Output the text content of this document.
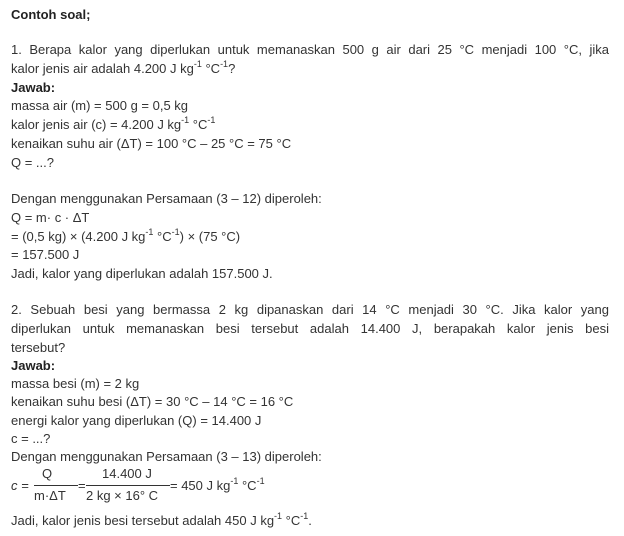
Contoh soal;
1. Berapa kalor yang diperlukan untuk memanaskan 500 g air dari 25 °C menjadi 100 °C, jika
kalor jenis air adalah 4.200 J $kg^{-1}$ $^\circ C^{-1}$?
Jawab:
massa air (m) = 500 g = 0,5 kg
kalor jenis air (c) = 4.200 J $kg^{-1}$ $^\circ C^{-1}$
kenaikan suhu air (ΔT) = 100 °C – 25 °C = 75 °C
Q = ...?
Dengan menggunakan Persamaan (3 – 12) diperoleh:
Q = m· c · ΔT
= (0,5 kg) × (4.200 J $kg^{-1}$ $^\circ C^{-1}) \times (75$ °C)
= 157.500 J
Jadi, kalor yang diperlukan adalah 157.500 J.
2. Sebuah besi yang bermassa 2 kg dipanaskan dari 14 °C menjadi 30 °C. Jika kalor yang
diperlukan untuk memanaskan besi tersebut adalah 14.400 J, berapakah kalor jenis besi
tersebut?
Jawab:
massa besi (m) = 2 kg
kenaikan suhu besi (ΔT) = 30 °C – 14 °C = 16 °C
energi kalor yang diperlukan (Q) = 14.400 J
c = ...?
Dengan menggunakan Persamaan (3 – 13) diperoleh:
c =
Q
m·ΔT
=
14.400 J
2 kg × 16° C
= 450 J $kg^{-1}$ $^\circ C^{-1}$
Jadi, kalor jenis besi tersebut adalah 450 J $kg^{-1}$ $^\circ C^{-1}$.
